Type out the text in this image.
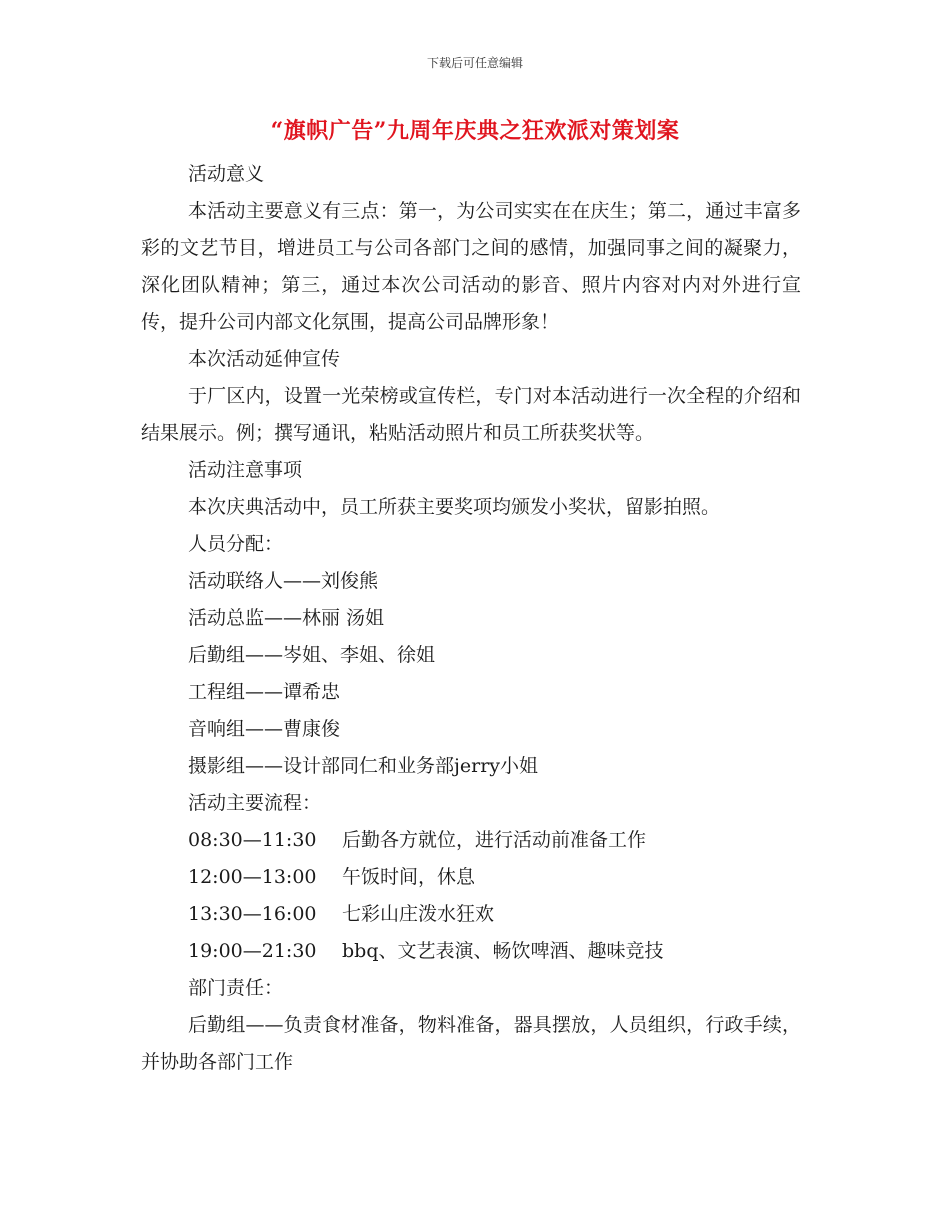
下载后可任意编辑
“旗帜广告”九周年庆典之狂欢派对策划案

活动意义

本活动主要意义有三点：第一，为公司实实在在庆生；第二，通过丰富多彩的文艺节目，增进员工与公司各部门之间的感情，加强同事之间的凝聚力，深化团队精神；第三，通过本次公司活动的影音、照片内容对内对外进行宣传，提升公司内部文化氛围，提高公司品牌形象！

本次活动延伸宣传

于厂区内，设置一光荣榜或宣传栏，专门对本活动进行一次全程的介绍和结果展示。例；撰写通讯，粘贴活动照片和员工所获奖状等。

活动注意事项

本次庆典活动中，员工所获主要奖项均颁发小奖状，留影拍照。

人员分配：

活动联络人——刘俊熊

活动总监——林丽 汤姐

后勤组——岑姐、李姐、徐姐

工程组——谭希忠

音响组——曹康俊

摄影组——设计部同仁和业务部jerry小姐

活动主要流程：

08:30—11:30 后勤各方就位，进行活动前准备工作
12:00—13:00 午饭时间，休息
13:30—16:00 七彩山庄泼水狂欢
19:00—21:30 bbq、文艺表演、畅饮啤酒、趣味竞技

部门责任：

后勤组——负责食材准备，物料准备，器具摆放，人员组织，行政手续，并协助各部门工作
